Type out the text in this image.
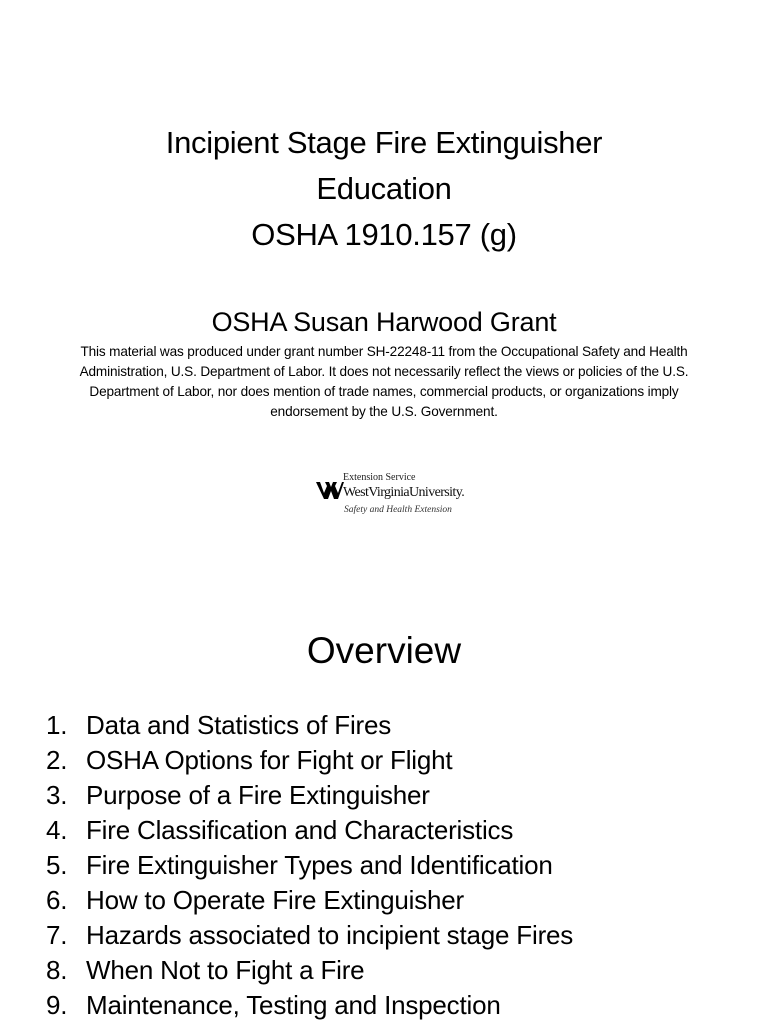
Incipient Stage Fire Extinguisher
Education
OSHA 1910.157 (g)
OSHA Susan Harwood Grant
This material was produced under grant number SH-22248-11 from the Occupational Safety and Health Administration, U.S. Department of Labor. It does not necessarily reflect the views or policies of the U.S. Department of Labor, nor does mention of trade names, commercial products, or organizations imply endorsement by the U.S. Government.
Extension Service
WestVirginiaUniversity.
Safety and Health Extension
Overview
1. Data and Statistics of Fires
2. OSHA Options for Fight or Flight
3. Purpose of a Fire Extinguisher
4. Fire Classification and Characteristics
5. Fire Extinguisher Types and Identification
6. How to Operate Fire Extinguisher
7. Hazards associated to incipient stage Fires
8. When Not to Fight a Fire
9. Maintenance, Testing and Inspection
